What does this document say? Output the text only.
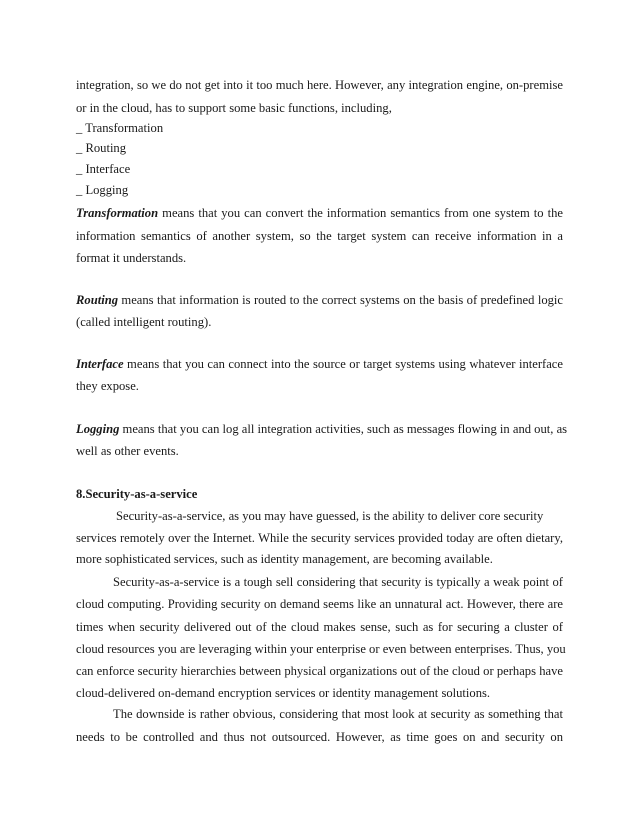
integration, so we do not get into it too much here. However, any integration engine, on-premise
or in the cloud, has to support some basic functions, including,
_ Transformation
_ Routing
_ Interface
_ Logging
Transformation means that you can convert the information semantics from one system to the
information semantics of another system, so the target system can receive information in a
format it understands.
Routing means that information is routed to the correct systems on the basis of predefined logic
(called intelligent routing).
Interface means that you can connect into the source or target systems using whatever interface
they expose.
Logging means that you can log all integration activities, such as messages flowing in and out, as
well as other events.
8.Security-as-a-service
Security-as-a-service, as you may have guessed, is the ability to deliver core security
services remotely over the Internet. While the security services provided today are often dietary,
more sophisticated services, such as identity management, are becoming available.
Security-as-a-service is a tough sell considering that security is typically a weak point of
cloud computing. Providing security on demand seems like an unnatural act. However, there are
times when security delivered out of the cloud makes sense, such as for securing a cluster of
cloud resources you are leveraging within your enterprise or even between enterprises. Thus, you
can enforce security hierarchies between physical organizations out of the cloud or perhaps have
cloud-delivered on-demand encryption services or identity management solutions.
The downside is rather obvious, considering that most look at security as something that
needs to be controlled and thus not outsourced. However, as time goes on and security on
